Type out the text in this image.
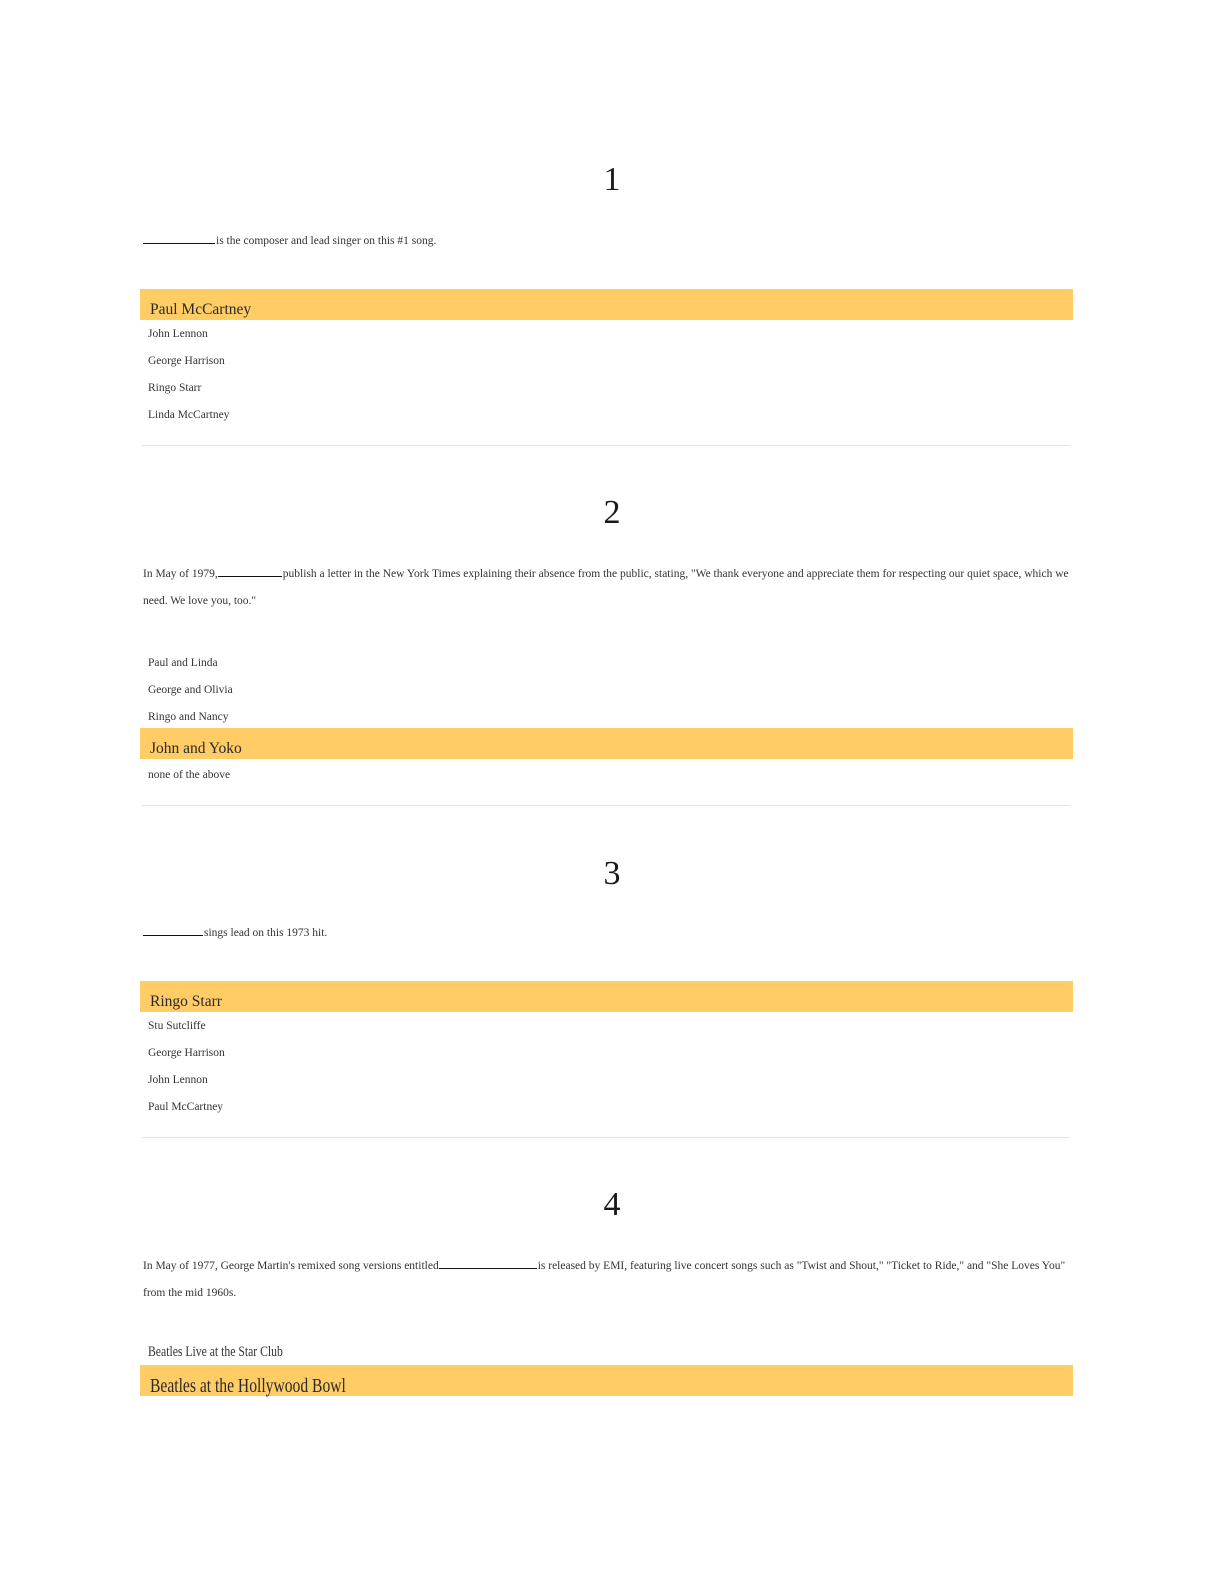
1
is the composer and lead singer on this #1 song.
Paul McCartney
John Lennon
George Harrison
Ringo Starr
Linda McCartney
2
In May of 1979,	publish a letter in the New York Times explaining their absence from the public, stating, "We thank everyone and appreciate them for respecting our quiet space, which we need. We love you, too."
Paul and Linda
George and Olivia
Ringo and Nancy
John and Yoko
none of the above
3
sings lead on this 1973 hit.
Ringo Starr
Stu Sutcliffe
George Harrison
John Lennon
Paul McCartney
4
In May of 1977, George Martin's remixed song versions entitled	is released by EMI, featuring live concert songs such as "Twist and Shout," "Ticket to Ride," and "She Loves You" from the mid 1960s.
Beatles Live at the Star Club
Beatles at the Hollywood Bowl
